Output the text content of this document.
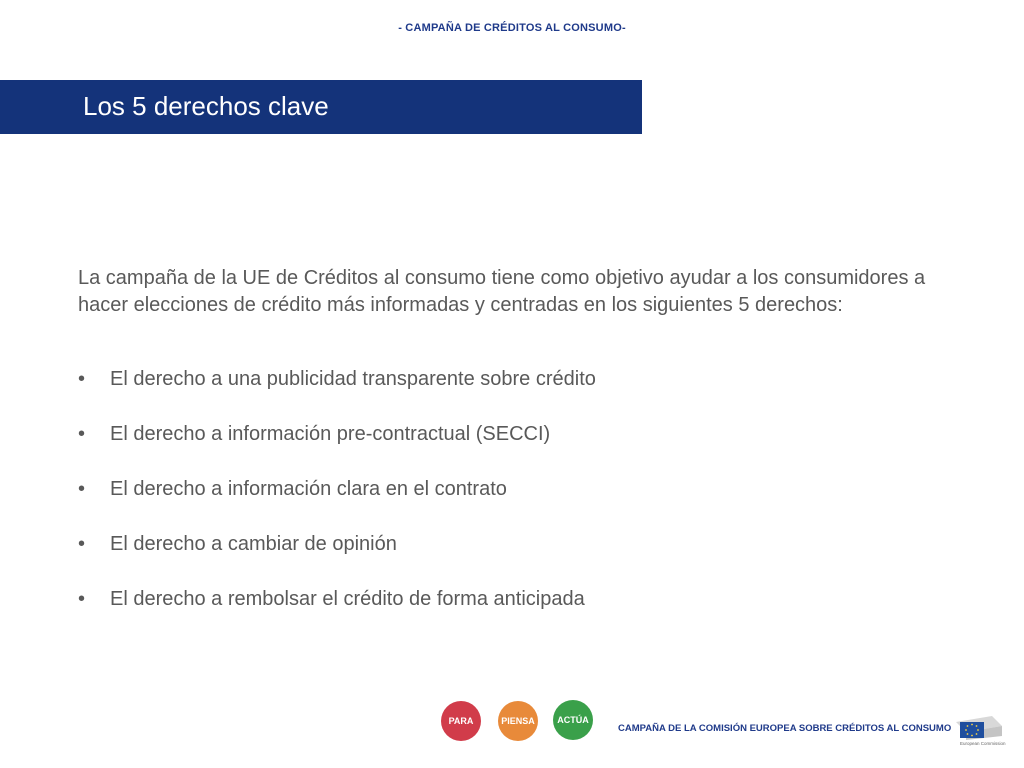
- CAMPAÑA DE CRÉDITOS AL CONSUMO-
Los 5 derechos clave
La campaña de la UE de Créditos al consumo tiene como objetivo ayudar a los consumidores a hacer elecciones de crédito más informadas y centradas en los siguientes 5 derechos:
• El derecho a una publicidad transparente sobre crédito
• El derecho a información pre-contractual (SECCI)
• El derecho a información clara en el contrato
• El derecho a cambiar de opinión
• El derecho a rembolsar el crédito de forma anticipada
PARA	PIENSA	ACTÚA
CAMPAÑA DE LA COMISIÓN EUROPEA SOBRE CRÉDITOS AL CONSUMO
European Commission
